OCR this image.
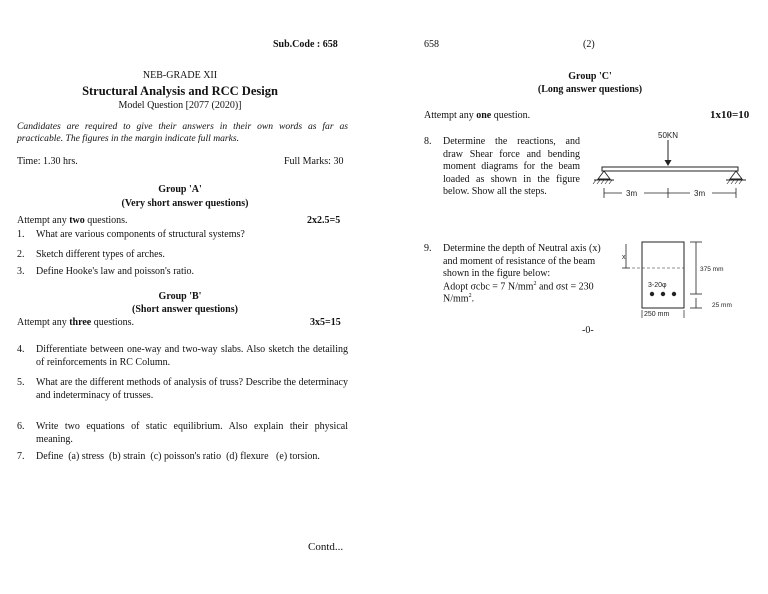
Sub.Code : 658
NEB-GRADE XII
Structural Analysis and RCC Design
Model Question [2077 (2020)]
Candidates are required to give their answers in their own words as far as practicable. The figures in the margin indicate full marks.
Time: 1.30 hrs.	Full Marks: 30
Group 'A'
(Very short answer questions)
Attempt any two questions.	2x2.5=5
1. What are various components of structural systems?
2. Sketch different types of arches.
3. Define Hooke's law and poisson's ratio.
Group 'B'
(Short answer questions)
Attempt any three questions.	3x5=15
4. Differentiate between one-way and two-way slabs. Also sketch the detailing of reinforcements in RC Column.
5. What are the different methods of analysis of truss? Describe the determinacy and indeterminacy of trusses.
6. Write two equations of static equilibrium. Also explain their physical meaning.
7. Define  (a) stress  (b) strain  (c) poisson's ratio  (d) flexure   (e) torsion.
Contd...
658	(2)
Group 'C'
(Long answer questions)
Attempt any one question.	1x10=10
8. Determine the reactions, and draw Shear force and bending moment diagrams for the beam loaded as shown in the figure below. Show all the steps.
50KN
3m	3m
9. Determine the depth of Neutral axis (x) and moment of resistance of the beam shown in the figure below:
Adopt σcbc = 7 $N/mm^2$ and σst = 230 $N/mm^2$.
x
3-20φ
375 mm
25 mm
250 mm
-0-
